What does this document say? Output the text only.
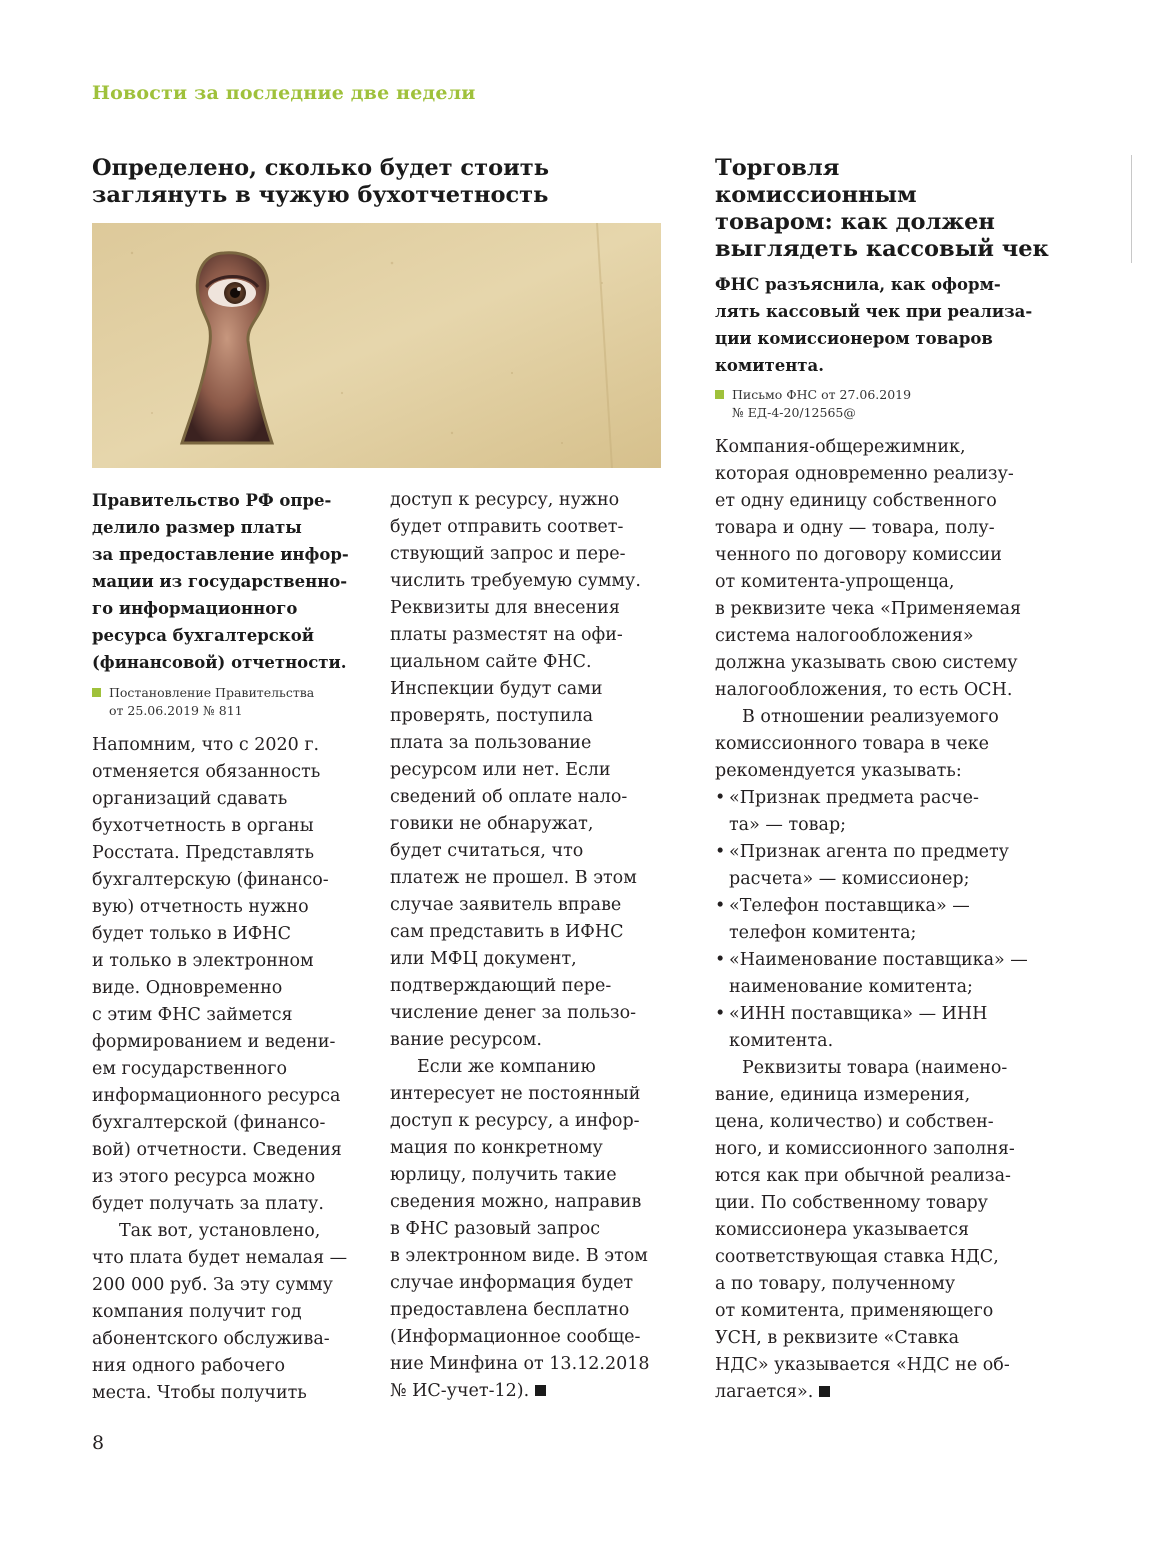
Новости за последние две недели
Определено, сколько будет стоить
заглянуть в чужую бухотчетность

Правительство РФ опре-
делило размер платы
за предоставление инфор-
мации из государственно-
го информационного
ресурса бухгалтерской
(финансовой) отчетности.

Постановление Правительства
от 25.06.2019 № 811
Напомним, что с 2020 г.
отменяется обязанность
организаций сдавать
бухотчетность в органы
Росстата. Представлять
бухгалтерскую (финансо-
вую) отчетность нужно
будет только в ИФНС
и только в электронном
виде. Одновременно
с этим ФНС займется
формированием и ведени-
ем государственного
информационного ресурса
бухгалтерской (финансо-
вой) отчетности. Сведения
из этого ресурса можно
будет получать за плату.
Так вот, установлено,
что плата будет немалая —
200 000 руб. За эту сумму
компания получит год
абонентского обслужива-
ния одного рабочего
места. Чтобы получить
доступ к ресурсу, нужно
будет отправить соответ-
ствующий запрос и пере-
числить требуемую сумму.
Реквизиты для внесения
платы разместят на офи-
циальном сайте ФНС.
Инспекции будут сами
проверять, поступила
плата за пользование
ресурсом или нет. Если
сведений об оплате нало-
говики не обнаружат,
будет считаться, что
платеж не прошел. В этом
случае заявитель вправе
сам представить в ИФНС
или МФЦ документ,
подтверждающий пере-
числение денег за пользо-
вание ресурсом.
Если же компанию
интересует не постоянный
доступ к ресурсу, а инфор-
мация по конкретному
юрлицу, получить такие
сведения можно, направив
в ФНС разовый запрос
в электронном виде. В этом
случае информация будет
предоставлена бесплатно
(Информационное сообще-
ние Минфина от 13.12.2018
№ ИС-учет-12).
Торговля
комиссионным
товаром: как должен
выглядеть кассовый чек

ФНС разъяснила, как оформ-
лять кассовый чек при реализа-
ции комиссионером товаров
комитента.

Письмо ФНС от 27.06.2019
№ ЕД-4-20/12565@
Компания-общережимник,
которая одновременно реализу-
ет одну единицу собственного
товара и одну — товара, полу-
ченного по договору комиссии
от комитента-упрощенца,
в реквизите чека «Применяемая
система налогообложения»
должна указывать свою систему
налогообложения, то есть ОСН.
В отношении реализуемого
комиссионного товара в чеке
рекомендуется указывать:
• «Признак предмета расче-
та» — товар;
• «Признак агента по предмету
расчета» — комиссионер;
• «Телефон поставщика» —
телефон комитента;
• «Наименование поставщика» —
наименование комитента;
• «ИНН поставщика» — ИНН
комитента.
Реквизиты товара (наимено-
вание, единица измерения,
цена, количество) и собствен-
ного, и комиссионного заполня-
ются как при обычной реализа-
ции. По собственному товару
комиссионера указывается
соответствующая ставка НДС,
а по товару, полученному
от комитента, применяющего
УСН, в реквизите «Ставка
НДС» указывается «НДС не об-
лагается».
8
